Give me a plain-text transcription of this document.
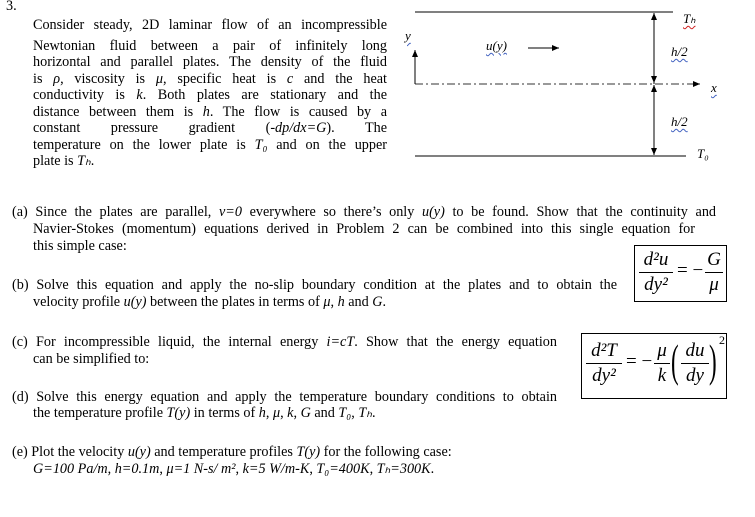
3.
Consider steady, 2D laminar flow of an incompressible
Newtonian fluid between a pair of infinitely long
horizontal and parallel plates. The density of the fluid
is ρ, viscosity is μ, specific heat is c and the heat
conductivity is k. Both plates are stationary and the
distance between them is h. The flow is caused by a
constant pressure gradient (-dp/dx=G). The
temperature on the lower plate is T₀ and on the upper
plate is Tₕ.
(a) Since the plates are parallel, v=0 everywhere so there’s only u(y) to be found. Show that the continuity and
Navier-Stokes (momentum) equations derived in Problem 2 can be combined into this single equation for
this simple case:
(b) Solve this equation and apply the no-slip boundary condition at the plates and to obtain the
velocity profile u(y) between the plates in terms of μ, h and G.
(c) For incompressible liquid, the internal energy i=cT. Show that the energy equation
can be simplified to:
(d) Solve this energy equation and apply the temperature boundary conditions to obtain
the temperature profile T(y) in terms of h, μ, k, G and T₀, Tₕ.
(e) Plot the velocity u(y) and temperature profiles T(y) for the following case:
G=100 Pa/m, h=0.1m, μ=1 N-s/ m², k=5 W/m-K, T₀=400K, Tₕ=300K.
Tₕ
h/2
h/2
x
T₀
y
u(y)
d²u
dy²
= −
G
μ
d²T
dy²
= −
μ
k ( du
dy ) 2
